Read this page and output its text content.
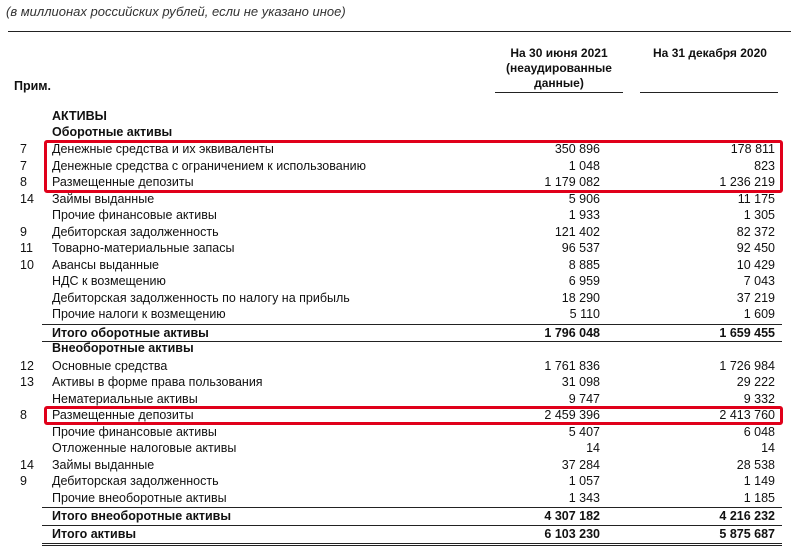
(в миллионах российских рублей, если не указано иное)
Прим.
На 30 июня 2021
(неаудированные
данные)
На 31 декабря 2020
АКТИВЫ
Оборотные активы
7 Денежные средства и их эквиваленты	350 896	178 811
7 Денежные средства с ограничением к использованию	1 048	823
8 Размещенные депозиты	1 179 082	1 236 219
14 Займы выданные	5 906	11 175
Прочие финансовые активы	1 933	1 305
9 Дебиторская задолженность	121 402	82 372
11 Товарно-материальные запасы	96 537	92 450
10 Авансы выданные	8 885	10 429
НДС к возмещению	6 959	7 043
Дебиторская задолженность по налогу на прибыль	18 290	37 219
Прочие налоги к возмещению	5 110	1 609
Итого оборотные активы	1 796 048	1 659 455
Внеоборотные активы
12 Основные средства	1 761 836	1 726 984
13 Активы в форме права пользования	31 098	29 222
Нематериальные активы	9 747	9 332
8 Размещенные депозиты	2 459 396	2 413 760
Прочие финансовые активы	5 407	6 048
Отложенные налоговые активы	14	14
14 Займы выданные	37 284	28 538
9 Дебиторская задолженность	1 057	1 149
Прочие внеоборотные активы	1 343	1 185
Итого внеоборотные активы	4 307 182	4 216 232
Итого активы	6 103 230	5 875 687
